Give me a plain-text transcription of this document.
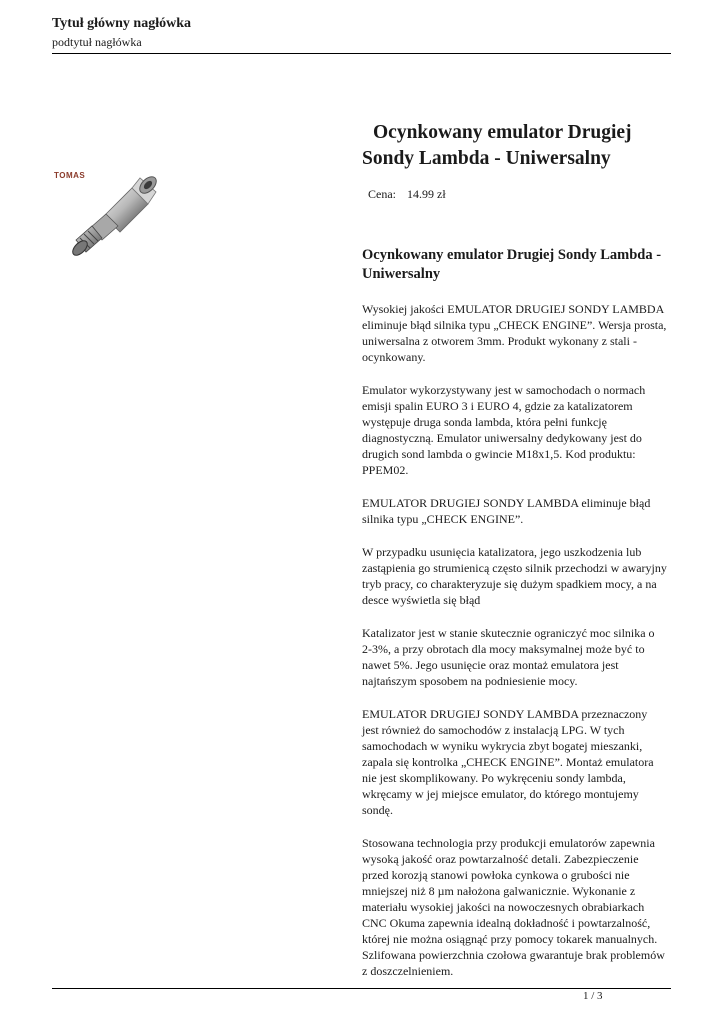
Tytuł główny nagłówka
podtytuł nagłówka
TOMAS
Ocynkowany emulator Drugiej
Sondy Lambda - Uniwersalny
Cena: 14.99 zł
Ocynkowany emulator Drugiej Sondy Lambda -
Uniwersalny

Wysokiej jakości EMULATOR DRUGIEJ SONDY LAMBDA
eliminuje błąd silnika typu „CHECK ENGINE”. Wersja prosta,
uniwersalna z otworem 3mm. Produkt wykonany z stali -
ocynkowany.

Emulator wykorzystywany jest w samochodach o normach
emisji spalin EURO 3 i EURO 4, gdzie za katalizatorem
występuje druga sonda lambda, która pełni funkcję
diagnostyczną. Emulator uniwersalny dedykowany jest do
drugich sond lambda o gwincie M18x1,5. Kod produktu:
PPEM02.

EMULATOR DRUGIEJ SONDY LAMBDA eliminuje błąd
silnika typu „CHECK ENGINE”.

W przypadku usunięcia katalizatora, jego uszkodzenia lub
zastąpienia go strumienicą często silnik przechodzi w awaryjny
tryb pracy, co charakteryzuje się dużym spadkiem mocy, a na
desce wyświetla się błąd

Katalizator jest w stanie skutecznie ograniczyć moc silnika o
2-3%, a przy obrotach dla mocy maksymalnej może być to
nawet 5%. Jego usunięcie oraz montaż emulatora jest
najtańszym sposobem na podniesienie mocy.

EMULATOR DRUGIEJ SONDY LAMBDA przeznaczony
jest również do samochodów z instalacją LPG. W tych
samochodach w wyniku wykrycia zbyt bogatej mieszanki,
zapala się kontrolka „CHECK ENGINE”. Montaż emulatora
nie jest skomplikowany. Po wykręceniu sondy lambda,
wkręcamy w jej miejsce emulator, do którego montujemy
sondę.

Stosowana technologia przy produkcji emulatorów zapewnia
wysoką jakość oraz powtarzalność detali. Zabezpieczenie
przed korozją stanowi powłoka cynkowa o grubości nie
mniejszej niż 8 µm nałożona galwanicznie. Wykonanie z
materiału wysokiej jakości na nowoczesnych obrabiarkach
CNC Okuma zapewnia idealną dokładność i powtarzalność,
której nie można osiągnąć przy pomocy tokarek manualnych.
Szlifowana powierzchnia czołowa gwarantuje brak problemów
z doszczelnieniem.

1 / 3
